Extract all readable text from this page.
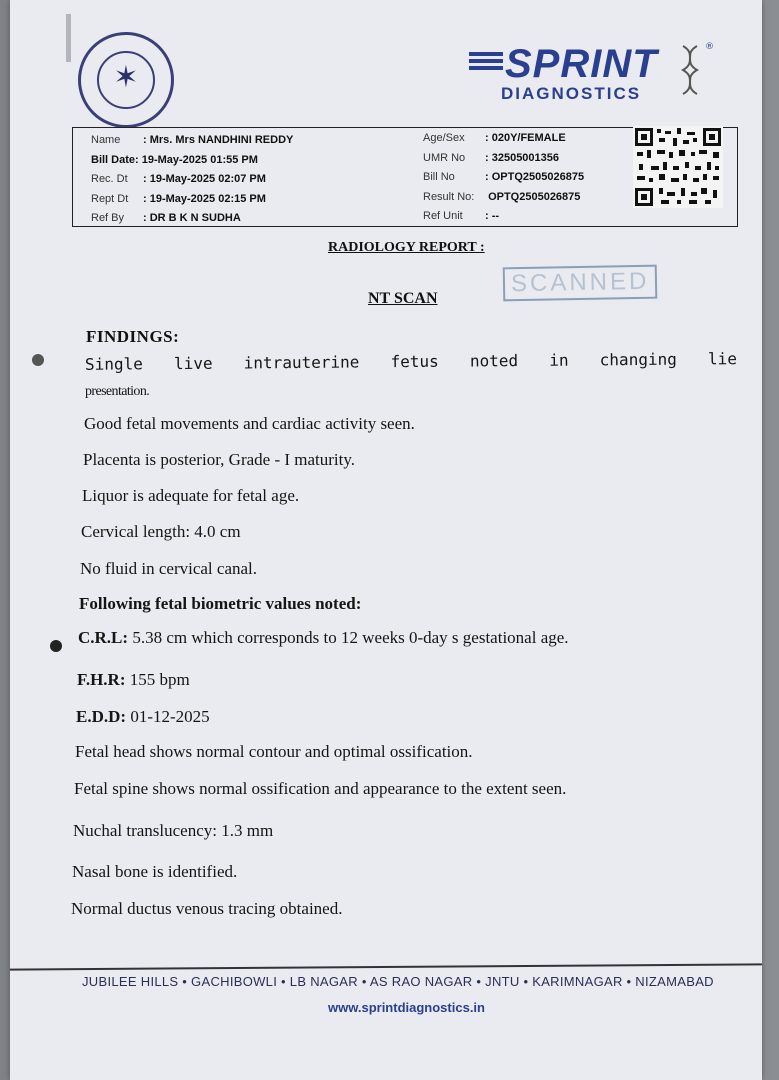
✶	SPRINT
DIAGNOSTICS
®
Name : Mrs. Mrs NANDHINI REDDY
Bill Date: 19-May-2025 01:55 PM
Rec. Dt : 19-May-2025 02:07 PM
Rept Dt : 19-May-2025 02:15 PM
Ref By : DR B K N SUDHA
Age/Sex : 020Y/FEMALE
UMR No : 32505001356
Bill No	: OPTQ2505026875
Result No: OPTQ2505026875
Ref Unit : --
RADIOLOGY REPORT :
SCANNED
NT SCAN
FINDINGS:
Single live intrauterine fetus noted in changing lie
presentation.
Good fetal movements and cardiac activity seen.
Placenta is posterior, Grade - I maturity.
Liquor is adequate for fetal age.
Cervical length: 4.0 cm
No fluid in cervical canal.
Following fetal biometric values noted:
C.R.L: 5.38 cm which corresponds to 12 weeks 0-day s gestational age.
F.H.R: 155 bpm
E.D.D: 01-12-2025
Fetal head shows normal contour and optimal ossification.
Fetal spine shows normal ossification and appearance to the extent seen.
Nuchal translucency: 1.3 mm
Nasal bone is identified.
Normal ductus venous tracing obtained.
JUBILEE HILLS • GACHIBOWLI • LB NAGAR • AS RAO NAGAR • JNTU • KARIMNAGAR • NIZAMABAD
www.sprintdiagnostics.in
